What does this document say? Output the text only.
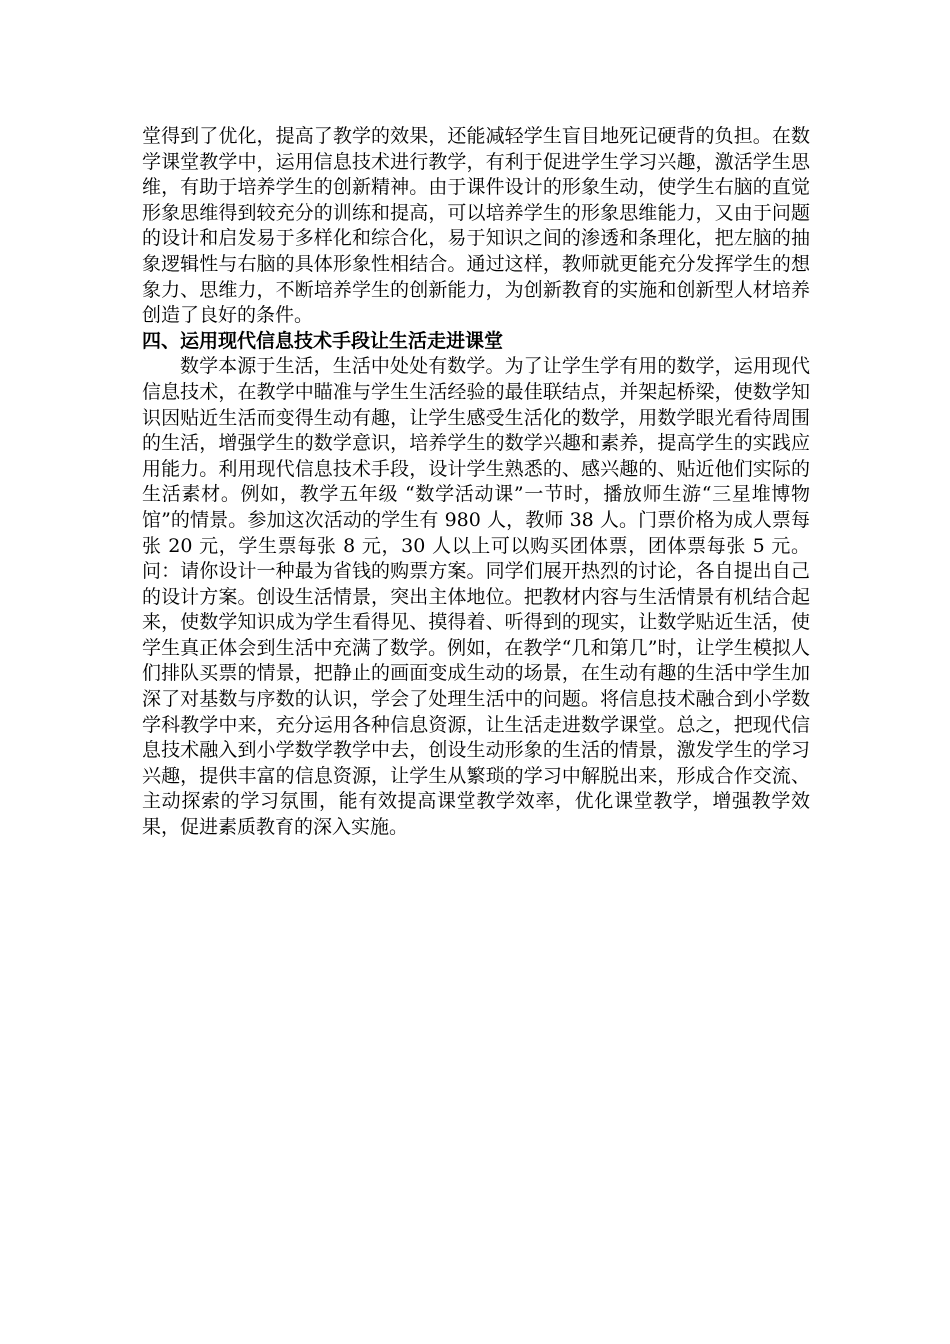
堂得到了优化，提高了教学的效果，还能减轻学生盲目地死记硬背的负担。在数学课堂教学中，运用信息技术进行教学，有利于促进学生学习兴趣，激活学生思维，有助于培养学生的创新精神。由于课件设计的形象生动，使学生右脑的直觉形象思维得到较充分的训练和提高，可以培养学生的形象思维能力，又由于问题的设计和启发易于多样化和综合化，易于知识之间的渗透和条理化，把左脑的抽象逻辑性与右脑的具体形象性相结合。通过这样，教师就更能充分发挥学生的想象力、思维力，不断培养学生的创新能力，为创新教育的实施和创新型人材培养创造了良好的条件。

四、运用现代信息技术手段让生活走进课堂

数学本源于生活，生活中处处有数学。为了让学生学有用的数学，运用现代信息技术，在教学中瞄准与学生生活经验的最佳联结点，并架起桥梁，使数学知识因贴近生活而变得生动有趣，让学生感受生活化的数学，用数学眼光看待周围的生活，增强学生的数学意识，培养学生的数学兴趣和素养，提高学生的实践应用能力。利用现代信息技术手段，设计学生熟悉的、感兴趣的、贴近他们实际的生活素材。例如，教学五年级 “数学活动课”一节时，播放师生游“三星堆博物馆”的情景。参加这次活动的学生有 980 人，教师 38 人。门票价格为成人票每张 20 元，学生票每张 8 元，30 人以上可以购买团体票，团体票每张 5 元。问：请你设计一种最为省钱的购票方案。同学们展开热烈的讨论，各自提出自己的设计方案。创设生活情景，突出主体地位。把教材内容与生活情景有机结合起来，使数学知识成为学生看得见、摸得着、听得到的现实，让数学贴近生活，使学生真正体会到生活中充满了数学。例如，在教学“几和第几”时，让学生模拟人们排队买票的情景，把静止的画面变成生动的场景，在生动有趣的生活中学生加深了对基数与序数的认识，学会了处理生活中的问题。将信息技术融合到小学数学科教学中来，充分运用各种信息资源，让生活走进数学课堂。总之，把现代信息技术融入到小学数学教学中去，创设生动形象的生活的情景，激发学生的学习兴趣，提供丰富的信息资源，让学生从繁琐的学习中解脱出来，形成合作交流、主动探索的学习氛围，能有效提高课堂教学效率，优化课堂教学，增强教学效果，促进素质教育的深入实施。
